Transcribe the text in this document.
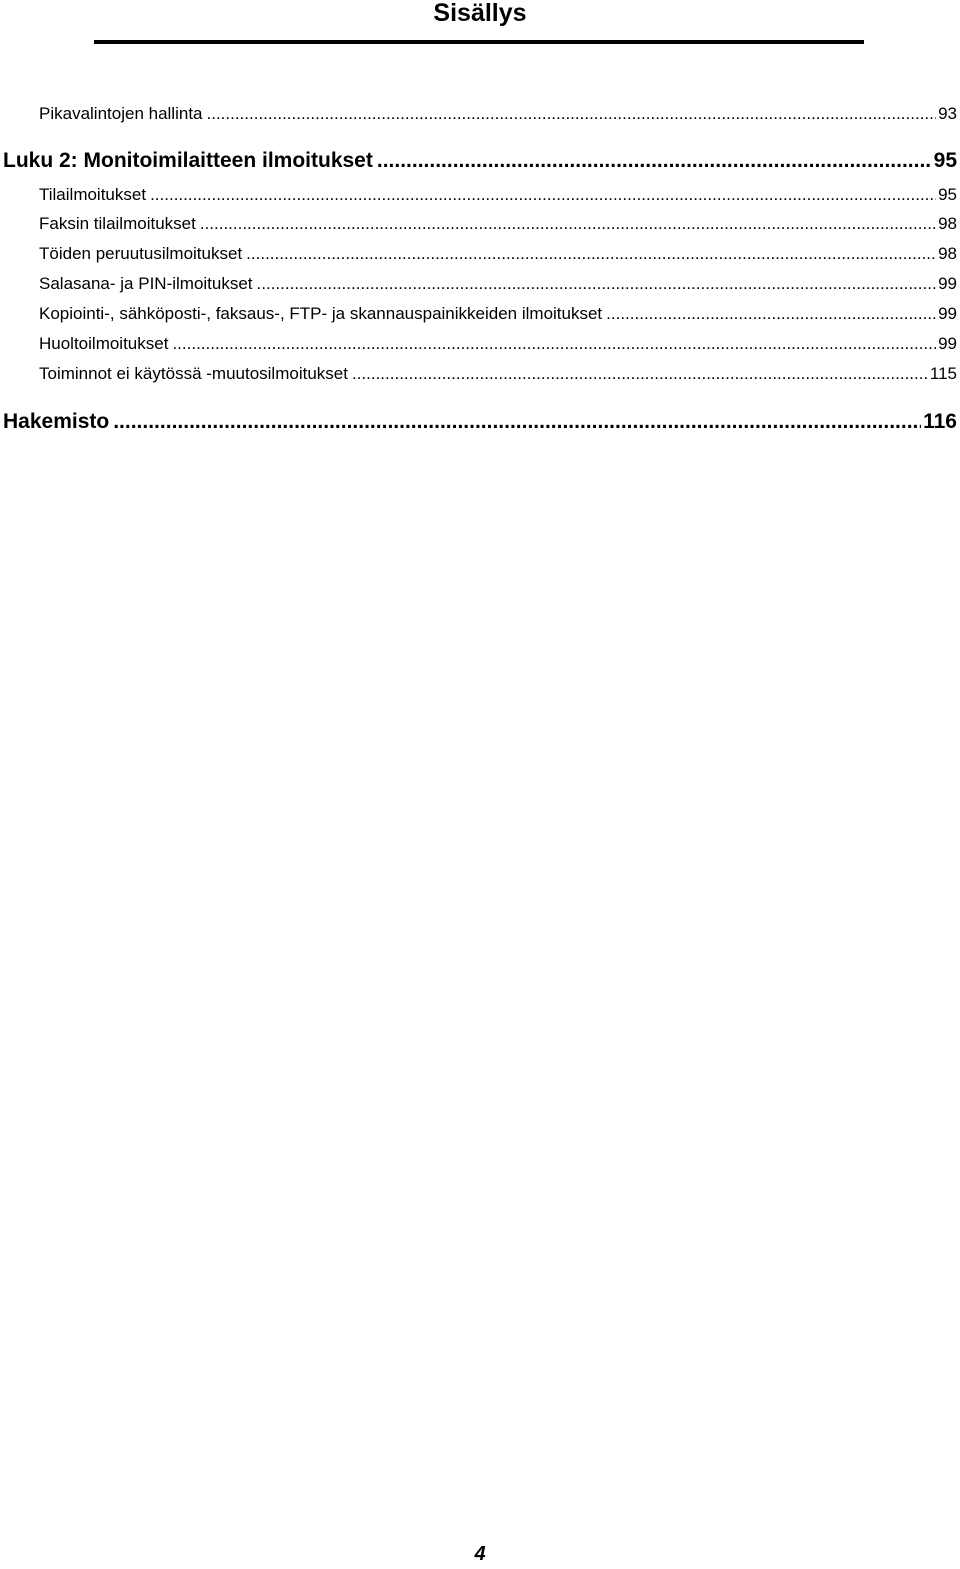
Sisällys
Pikavalintojen hallinta .....	93
Luku 2: Monitoimilaitteen ilmoitukset .....	95
Tilailmoitukset .....	95
Faksin tilailmoitukset .....	98
Töiden peruutusilmoitukset .....	98
Salasana- ja PIN-ilmoitukset .....	99
Kopiointi-, sähköposti-, faksaus-, FTP- ja skannauspainikkeiden ilmoitukset .....	99
Huoltoilmoitukset .....	99
Toiminnot ei käytössä -muutosilmoitukset .....	115
Hakemisto .....	116
4
